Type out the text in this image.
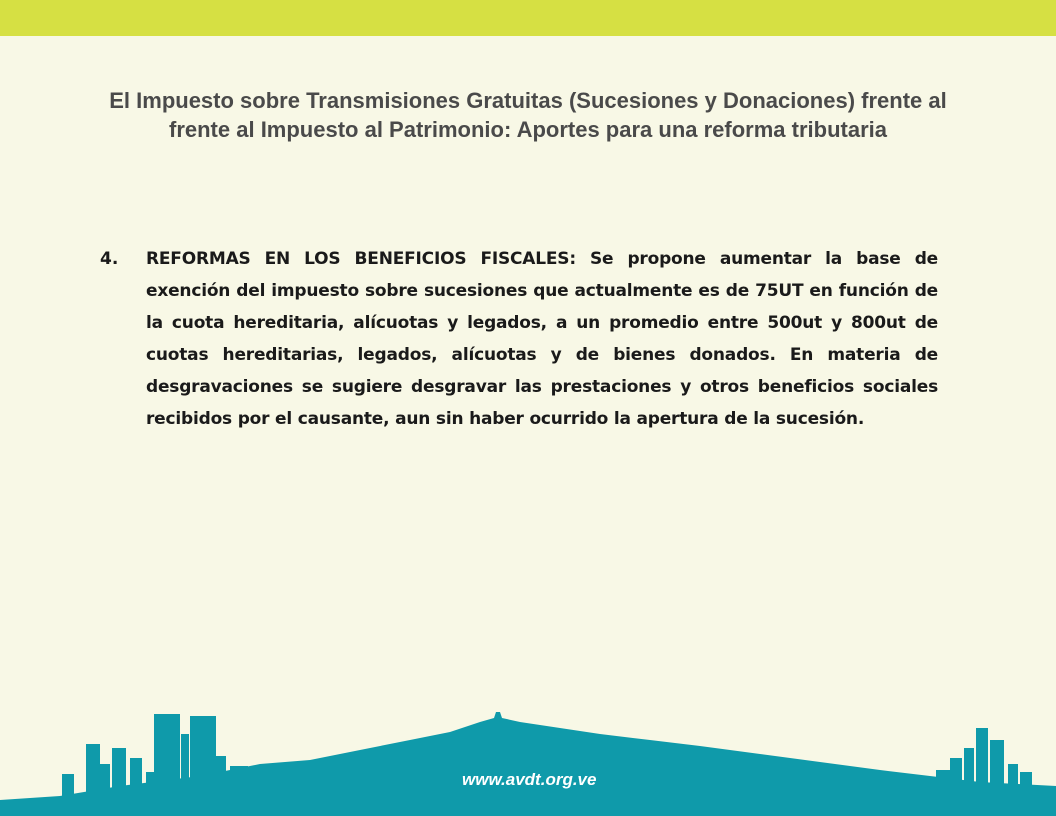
El Impuesto sobre Transmisiones Gratuitas (Sucesiones y Donaciones) frente al frente al Impuesto al Patrimonio: Aportes para una reforma tributaria
4. REFORMAS EN LOS BENEFICIOS FISCALES: Se propone aumentar la base de exención del impuesto sobre sucesiones que actualmente es de 75UT en función de la cuota hereditaria, alícuotas y legados, a un promedio entre 500ut y 800ut de cuotas hereditarias, legados, alícuotas y de bienes donados. En materia de desgravaciones se sugiere desgravar las prestaciones y otros beneficios sociales recibidos por el causante, aun sin haber ocurrido la apertura de la sucesión.
www.avdt.org.ve
